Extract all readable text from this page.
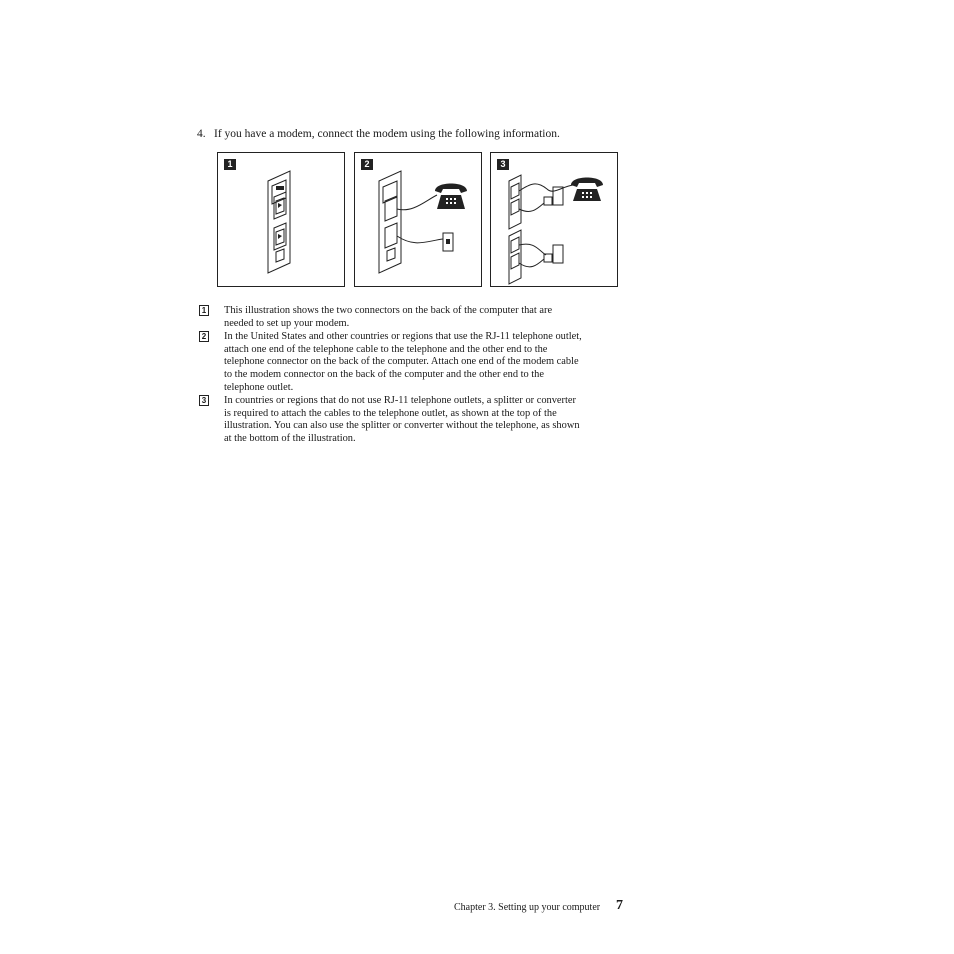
4. If you have a modem, connect the modem using the following information.
1	2	3
1 This illustration shows the two connectors on the back of the computer that are
needed to set up your modem.
2 In the United States and other countries or regions that use the RJ-11 telephone outlet,
attach one end of the telephone cable to the telephone and the other end to the
telephone connector on the back of the computer. Attach one end of the modem cable
to the modem connector on the back of the computer and the other end to the
telephone outlet.
3 In countries or regions that do not use RJ-11 telephone outlets, a splitter or converter
is required to attach the cables to the telephone outlet, as shown at the top of the
illustration. You can also use the splitter or converter without the telephone, as shown
at the bottom of the illustration.
Chapter 3. Setting up your computer 7
